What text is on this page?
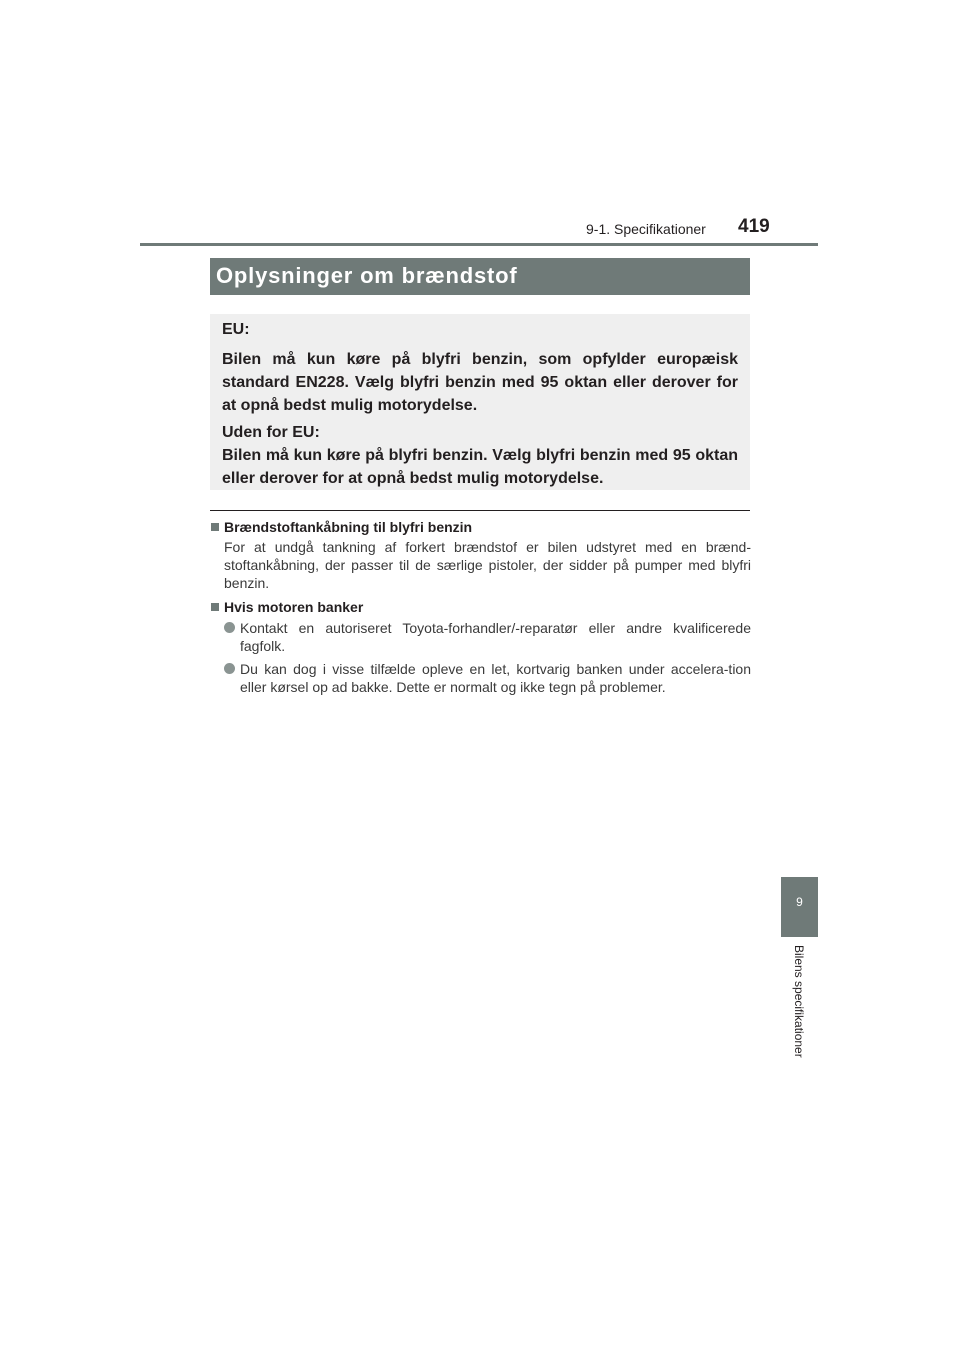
9-1. Specifikationer 419
Oplysninger om brændstof

EU:

Bilen må kun køre på blyfri benzin, som opfylder europæisk standard EN228. Vælg blyfri benzin med 95 oktan eller derover for at opnå bedst mulig motorydelse.

Uden for EU:

Bilen må kun køre på blyfri benzin. Vælg blyfri benzin med 95 oktan eller derover for at opnå bedst mulig motorydelse.

Brændstoftankåbning til blyfri benzin
For at undgå tankning af forkert brændstof er bilen udstyret med en brænd-stoftankåbning, der passer til de særlige pistoler, der sidder på pumper med blyfri benzin.
Hvis motoren banker
Kontakt en autoriseret Toyota-forhandler/-reparatør eller andre kvalificerede fagfolk.
Du kan dog i visse tilfælde opleve en let, kortvarig banken under accelera-tion eller kørsel op ad bakke. Dette er normalt og ikke tegn på problemer.
9
Bilens specifikationer
